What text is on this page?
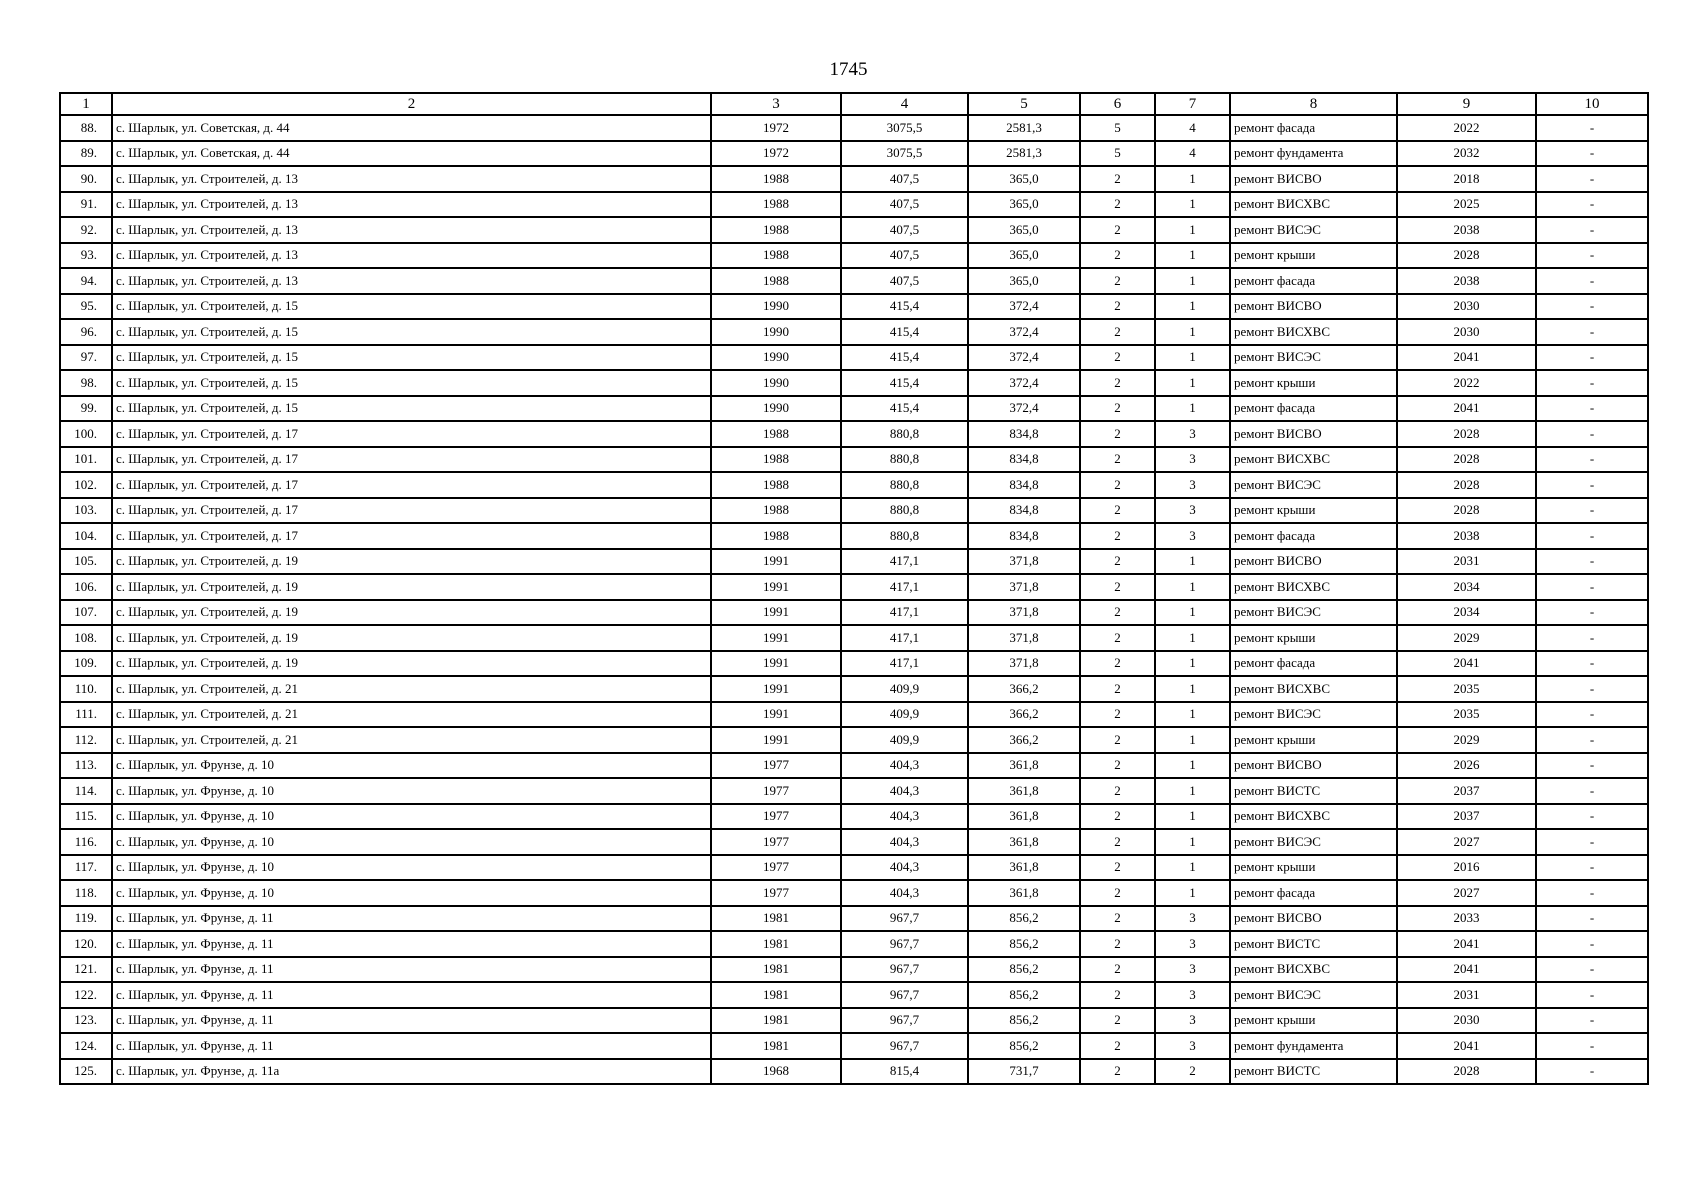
1745
1	2	3	4	5	6	7	8	9	10
88.	с. Шарлык, ул. Советская, д. 44	1972	3075,5	2581,3	5	4	ремонт фасада	2022	-
89.	с. Шарлык, ул. Советская, д. 44	1972	3075,5	2581,3	5	4	ремонт фундамента	2032	-
90.	с. Шарлык, ул. Строителей, д. 13	1988	407,5	365,0	2	1	ремонт ВИСВО	2018	-
91.	с. Шарлык, ул. Строителей, д. 13	1988	407,5	365,0	2	1	ремонт ВИСХВС	2025	-
92.	с. Шарлык, ул. Строителей, д. 13	1988	407,5	365,0	2	1	ремонт ВИСЭС	2038	-
93.	с. Шарлык, ул. Строителей, д. 13	1988	407,5	365,0	2	1	ремонт крыши	2028	-
94.	с. Шарлык, ул. Строителей, д. 13	1988	407,5	365,0	2	1	ремонт фасада	2038	-
95.	с. Шарлык, ул. Строителей, д. 15	1990	415,4	372,4	2	1	ремонт ВИСВО	2030	-
96.	с. Шарлык, ул. Строителей, д. 15	1990	415,4	372,4	2	1	ремонт ВИСХВС	2030	-
97.	с. Шарлык, ул. Строителей, д. 15	1990	415,4	372,4	2	1	ремонт ВИСЭС	2041	-
98.	с. Шарлык, ул. Строителей, д. 15	1990	415,4	372,4	2	1	ремонт крыши	2022	-
99.	с. Шарлык, ул. Строителей, д. 15	1990	415,4	372,4	2	1	ремонт фасада	2041	-
100.	с. Шарлык, ул. Строителей, д. 17	1988	880,8	834,8	2	3	ремонт ВИСВО	2028	-
101.	с. Шарлык, ул. Строителей, д. 17	1988	880,8	834,8	2	3	ремонт ВИСХВС	2028	-
102.	с. Шарлык, ул. Строителей, д. 17	1988	880,8	834,8	2	3	ремонт ВИСЭС	2028	-
103.	с. Шарлык, ул. Строителей, д. 17	1988	880,8	834,8	2	3	ремонт крыши	2028	-
104.	с. Шарлык, ул. Строителей, д. 17	1988	880,8	834,8	2	3	ремонт фасада	2038	-
105.	с. Шарлык, ул. Строителей, д. 19	1991	417,1	371,8	2	1	ремонт ВИСВО	2031	-
106.	с. Шарлык, ул. Строителей, д. 19	1991	417,1	371,8	2	1	ремонт ВИСХВС	2034	-
107.	с. Шарлык, ул. Строителей, д. 19	1991	417,1	371,8	2	1	ремонт ВИСЭС	2034	-
108.	с. Шарлык, ул. Строителей, д. 19	1991	417,1	371,8	2	1	ремонт крыши	2029	-
109.	с. Шарлык, ул. Строителей, д. 19	1991	417,1	371,8	2	1	ремонт фасада	2041	-
110.	с. Шарлык, ул. Строителей, д. 21	1991	409,9	366,2	2	1	ремонт ВИСХВС	2035	-
111.	с. Шарлык, ул. Строителей, д. 21	1991	409,9	366,2	2	1	ремонт ВИСЭС	2035	-
112.	с. Шарлык, ул. Строителей, д. 21	1991	409,9	366,2	2	1	ремонт крыши	2029	-
113.	с. Шарлык, ул. Фрунзе, д. 10	1977	404,3	361,8	2	1	ремонт ВИСВО	2026	-
114.	с. Шарлык, ул. Фрунзе, д. 10	1977	404,3	361,8	2	1	ремонт ВИСТС	2037	-
115.	с. Шарлык, ул. Фрунзе, д. 10	1977	404,3	361,8	2	1	ремонт ВИСХВС	2037	-
116.	с. Шарлык, ул. Фрунзе, д. 10	1977	404,3	361,8	2	1	ремонт ВИСЭС	2027	-
117.	с. Шарлык, ул. Фрунзе, д. 10	1977	404,3	361,8	2	1	ремонт крыши	2016	-
118.	с. Шарлык, ул. Фрунзе, д. 10	1977	404,3	361,8	2	1	ремонт фасада	2027	-
119.	с. Шарлык, ул. Фрунзе, д. 11	1981	967,7	856,2	2	3	ремонт ВИСВО	2033	-
120.	с. Шарлык, ул. Фрунзе, д. 11	1981	967,7	856,2	2	3	ремонт ВИСТС	2041	-
121.	с. Шарлык, ул. Фрунзе, д. 11	1981	967,7	856,2	2	3	ремонт ВИСХВС	2041	-
122.	с. Шарлык, ул. Фрунзе, д. 11	1981	967,7	856,2	2	3	ремонт ВИСЭС	2031	-
123.	с. Шарлык, ул. Фрунзе, д. 11	1981	967,7	856,2	2	3	ремонт крыши	2030	-
124.	с. Шарлык, ул. Фрунзе, д. 11	1981	967,7	856,2	2	3	ремонт фундамента	2041	-
125.	с. Шарлык, ул. Фрунзе, д. 11а	1968	815,4	731,7	2	2	ремонт ВИСТС	2028	-
